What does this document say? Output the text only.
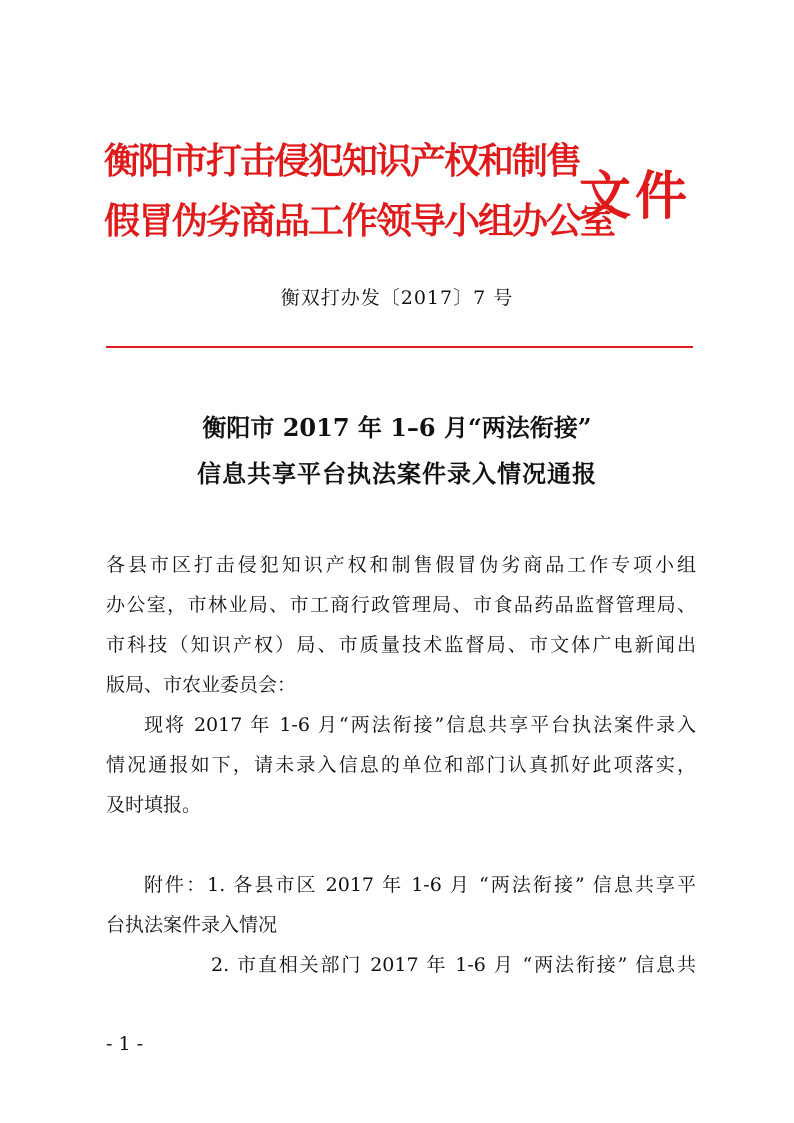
衡阳市打击侵犯知识产权和制售
假冒伪劣商品工作领导小组办公室
文件
衡双打办发〔2017〕7 号
衡阳市 2017 年 1–6 月“两法衔接”
信息共享平台执法案件录入情况通报
各县市区打击侵犯知识产权和制售假冒伪劣商品工作专项小组
办公室，市林业局、市工商行政管理局、市食品药品监督管理局、
市科技（知识产权）局、市质量技术监督局、市文体广电新闻出
版局、市农业委员会：
现将 2017 年 1-6 月“两法衔接”信息共享平台执法案件录入
情况通报如下，请未录入信息的单位和部门认真抓好此项落实，
及时填报。
附件：1. 各县市区 2017 年 1-6 月 “两法衔接” 信息共享平
台执法案件录入情况
2. 市直相关部门 2017 年 1-6 月 “两法衔接” 信息共
- 1 -
